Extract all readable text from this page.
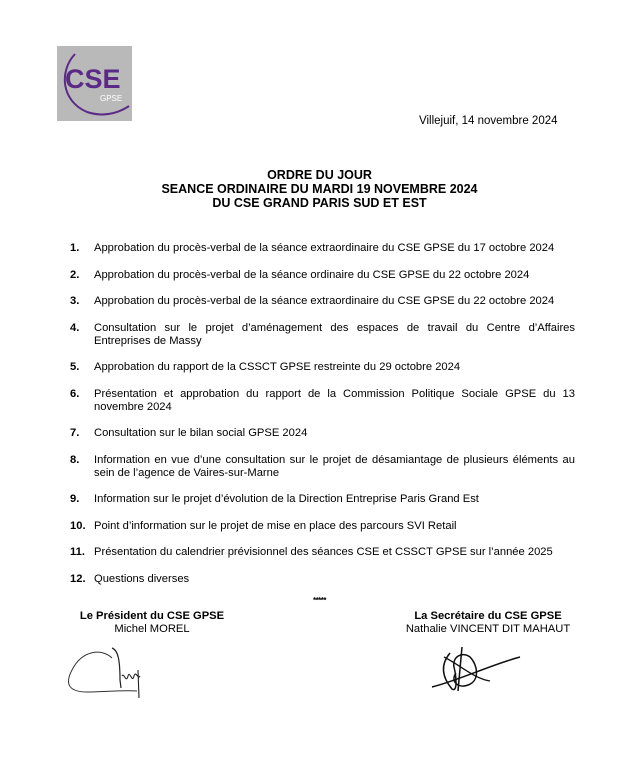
CSE
GPSE
Villejuif, 14 novembre 2024
ORDRE DU JOUR
SEANCE ORDINAIRE DU MARDI 19 NOVEMBRE 2024
DU CSE GRAND PARIS SUD ET EST
1.	Approbation du procès-verbal de la séance extraordinaire du CSE GPSE du 17 octobre 2024
2.	Approbation du procès-verbal de la séance ordinaire du CSE GPSE du 22 octobre 2024
3.	Approbation du procès-verbal de la séance extraordinaire du CSE GPSE du 22 octobre 2024
4.	Consultation sur le projet d’aménagement des espaces de travail du Centre d’Affaires Entreprises de Massy
5.	Approbation du rapport de la CSSCT GPSE restreinte du 29 octobre 2024
6.	Présentation et approbation du rapport de la Commission Politique Sociale GPSE du 13 novembre 2024
7.	Consultation sur le bilan social GPSE 2024
8.	Information en vue d’une consultation sur le projet de désamiantage de plusieurs éléments au sein de l’agence de Vaires-sur-Marne
9.	Information sur le projet d’évolution de la Direction Entreprise Paris Grand Est
10. Point d’information sur le projet de mise en place des parcours SVI Retail
11. Présentation du calendrier prévisionnel des séances CSE et CSSCT GPSE sur l’année 2025
12. Questions diverses
*****
Le Président du CSE GPSE
Michel MOREL
La Secrétaire du CSE GPSE
Nathalie VINCENT DIT MAHAUT
